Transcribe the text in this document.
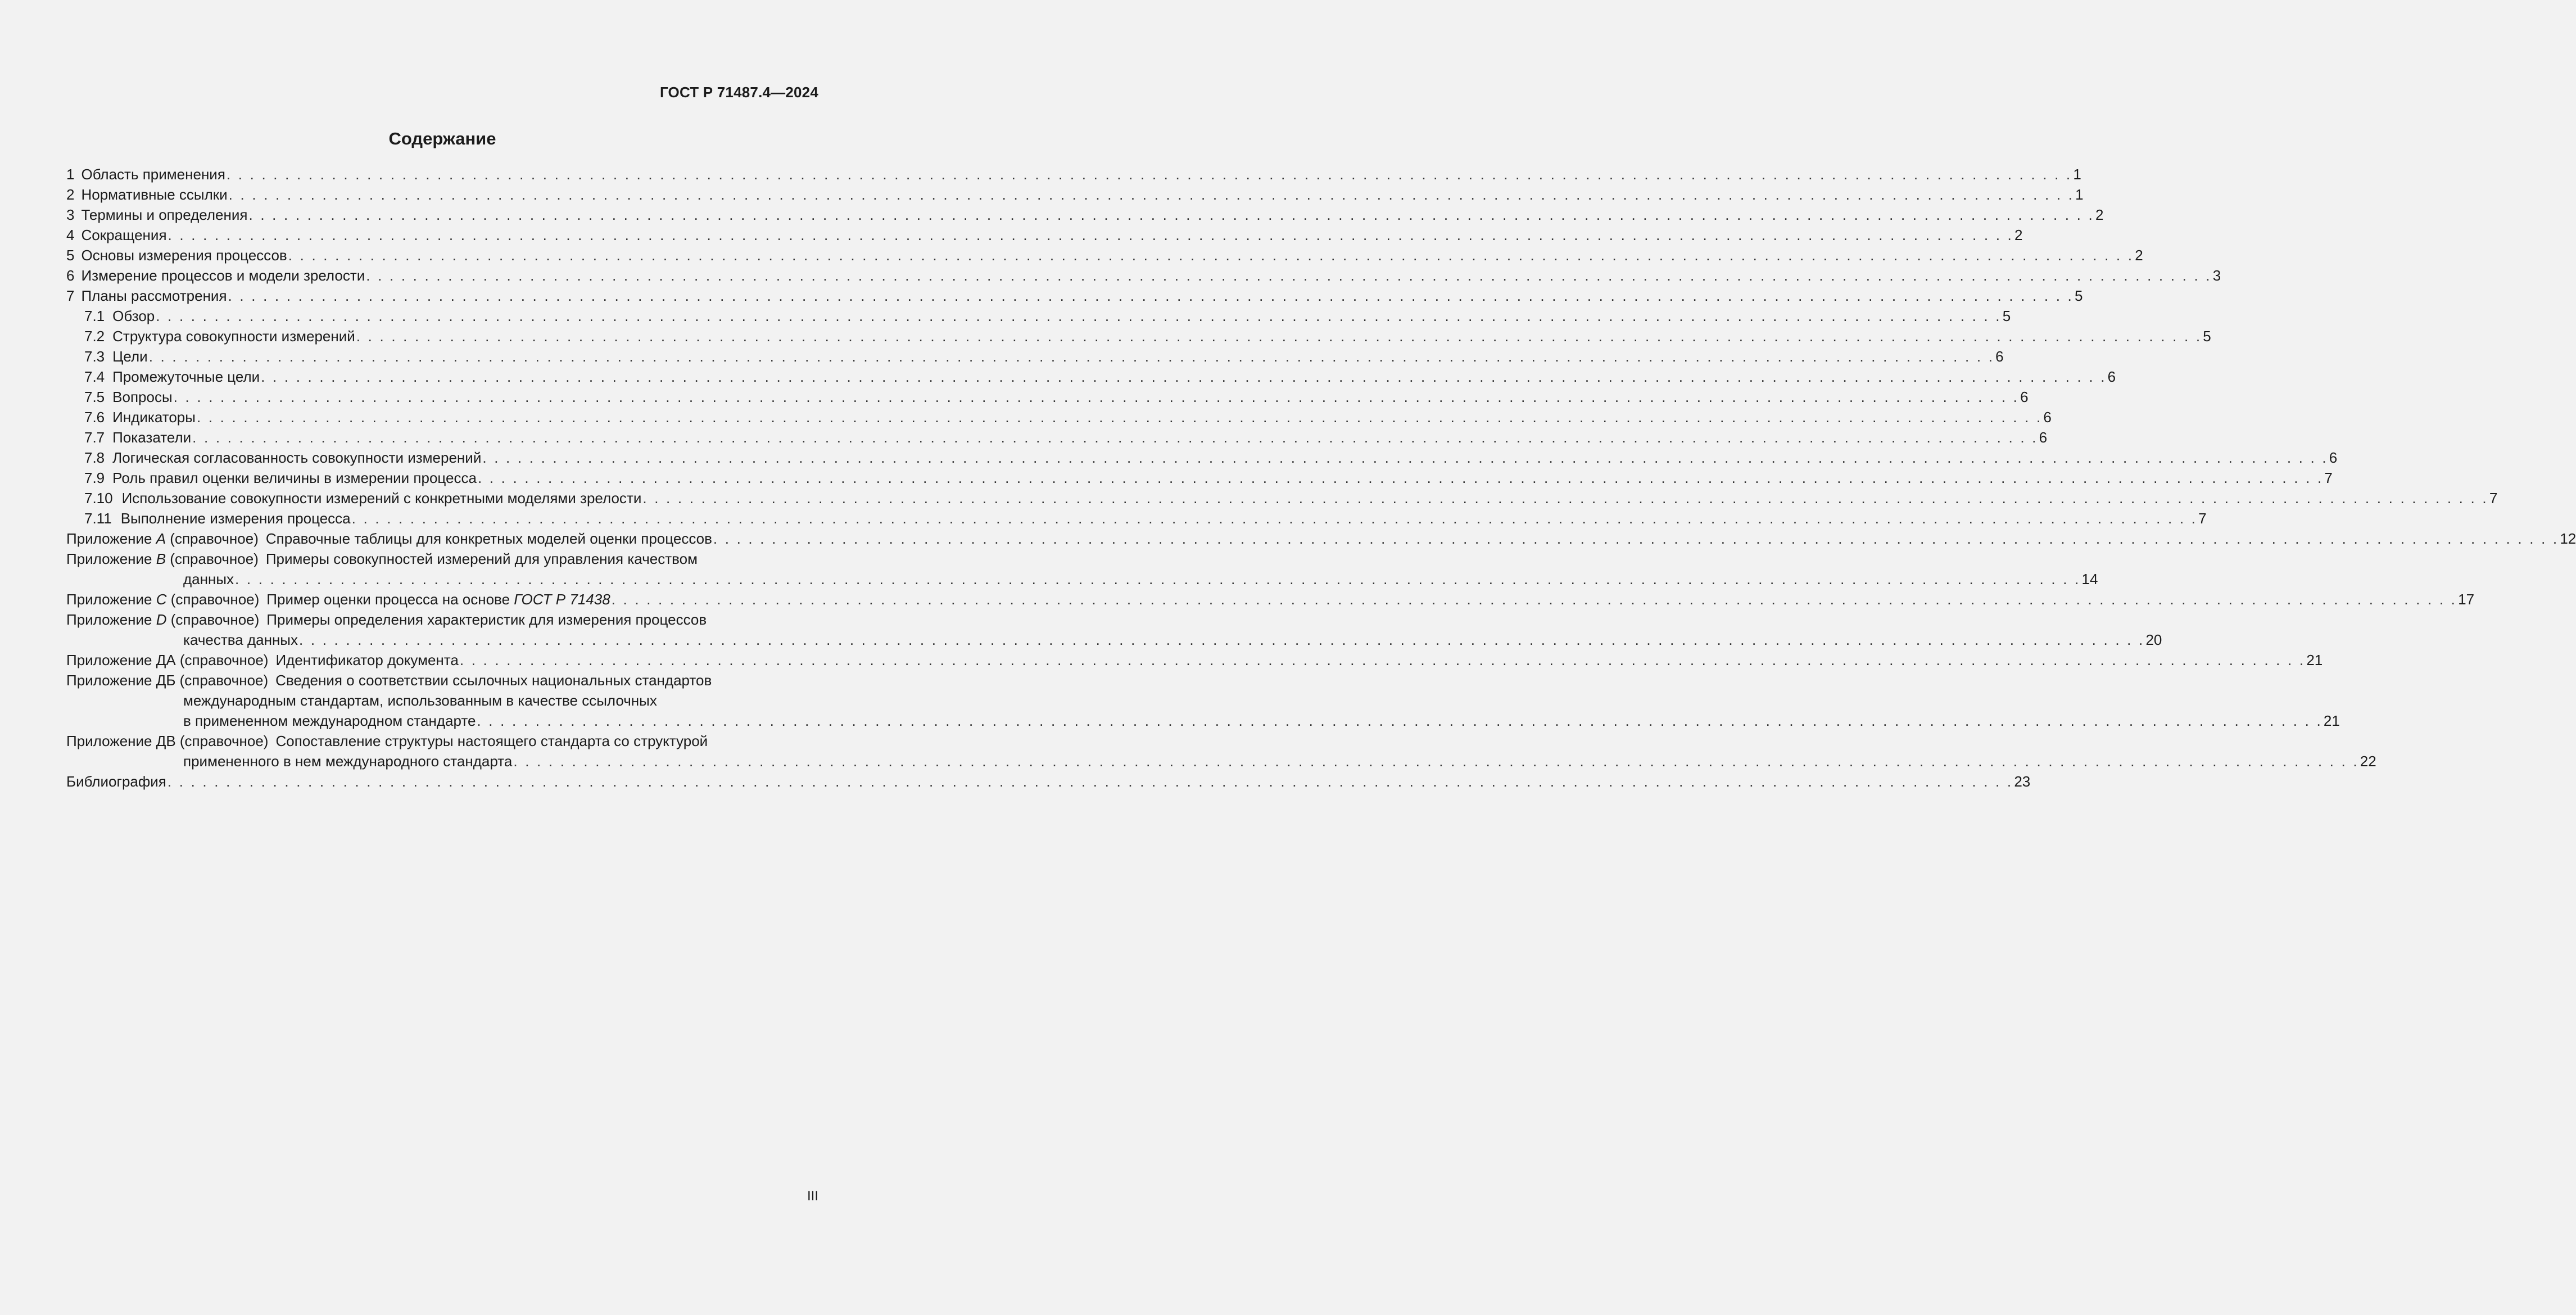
ГОСТ Р 71487.4—2024
Содержание
1 Область применения . . .	1
2 Нормативные ссылки . . .	1
3 Термины и определения . . .	2
4 Сокращения . . .	2
5 Основы измерения процессов . . .	2
6 Измерение процессов и модели зрелости . . .	3
7 Планы рассмотрения . . .	5
7.1 Обзор . . .	5
7.2 Структура совокупности измерений . . .	5
7.3 Цели . . .	6
7.4 Промежуточные цели . . .	6
7.5 Вопросы . . .	6
7.6 Индикаторы . . .	6
7.7 Показатели . . .	6
7.8 Логическая согласованность совокупности измерений . . .	6
7.9 Роль правил оценки величины в измерении процесса . . .	7
7.10 Использование совокупности измерений с конкретными моделями зрелости . . .	7
7.11 Выполнение измерения процесса . . .	7
Приложение А (справочное) Справочные таблицы для конкретных моделей оценки процессов . . .	12
Приложение В (справочное) Примеры совокупностей измерений для управления качеством
данных . . .	14
Приложение С (справочное) Пример оценки процесса на основе ГОСТ Р 71438 . . .	17
Приложение D (справочное) Примеры определения характеристик для измерения процессов
качества данных . . .	20
Приложение ДА (справочное) Идентификатор документа . . .	21
Приложение ДБ (справочное) Сведения о соответствии ссылочных национальных стандартов
международным стандартам, использованным в качестве ссылочных
в примененном международном стандарте . . .	21
Приложение ДВ (справочное) Сопоставление структуры настоящего стандарта со структурой
примененного в нем международного стандарта . . .	22
Библиография . . .	23
III
